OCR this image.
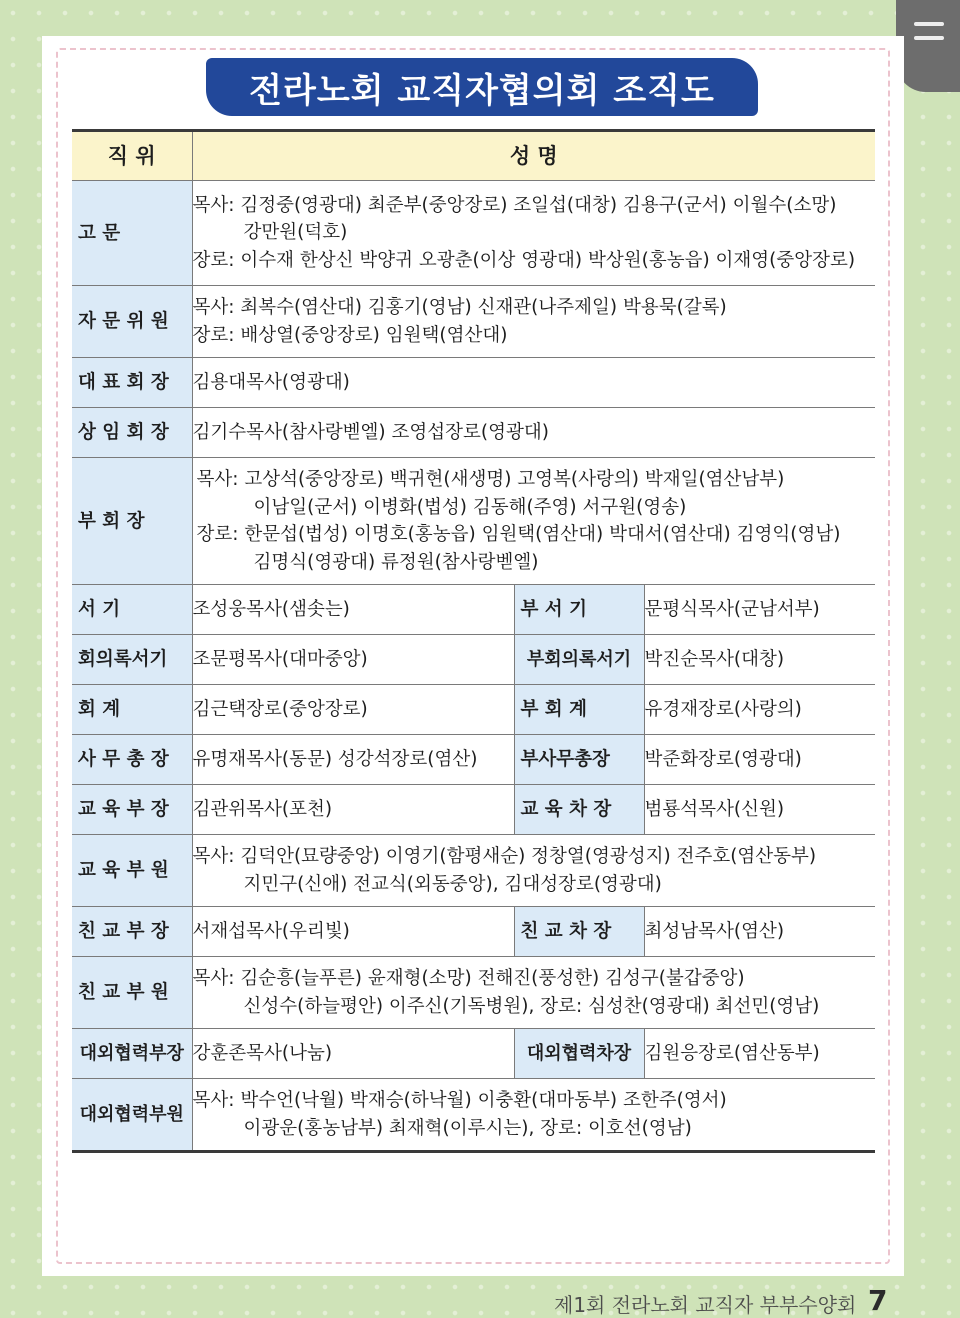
전라노회 교직자협의회 조직도
직 위	성 명		

고 문	목사: 김정중(영광대) 최준부(중앙장로) 조일섭(대창) 김용구(군서) 이월수(소망)
강만원(덕호)
장로: 이수재 한상신 박양귀 오광춘(이상 영광대) 박상원(홍농읍) 이재영(중앙장로)		

자 문 위 원	목사: 최복수(염산대) 김홍기(영남) 신재관(나주제일) 박용묵(갈록)
장로: 배상열(중앙장로) 임원택(염산대)		

대 표 회 장	김용대목사(영광대)		

상 임 회 장	김기수목사(참사랑벧엘) 조영섭장로(영광대)		

부 회 장	목사: 고상석(중앙장로) 백귀현(새생명) 고영복(사랑의) 박재일(염산남부)
이남일(군서) 이병화(법성) 김동해(주영) 서구원(영송)
장로: 한문섭(법성) 이명호(홍농읍) 임원택(염산대) 박대서(염산대) 김영익(영남)
김명식(영광대) 류정원(참사랑벧엘)		

서 기	조성웅목사(샘솟는)	부 서 기	문평식목사(군남서부)

회의록서기	조문평목사(대마중앙)	부회의록서기	박진순목사(대창)

회 계	김근택장로(중앙장로)	부 회 계	유경재장로(사랑의)

사 무 총 장	유명재목사(동문) 성강석장로(염산)	부사무총장	박준화장로(영광대)

교 육 부 장	김관위목사(포천)	교 육 차 장	범룡석목사(신원)

교 육 부 원	목사: 김덕안(묘량중앙) 이영기(함평새순) 정창열(영광성지) 전주호(염산동부)
지민구(신애) 전교식(외동중앙), 김대성장로(영광대)		

친 교 부 장	서재섭목사(우리빛)	친 교 차 장	최성남목사(염산)

친 교 부 원	목사: 김순흥(늘푸른) 윤재형(소망) 전해진(풍성한) 김성구(불갑중앙)
신성수(하늘평안) 이주신(기독병원), 장로: 심성찬(영광대) 최선민(영남)		

대외협력부장	강훈존목사(나눔)	대외협력차장	김원응장로(염산동부)

대외협력부원	목사: 박수언(낙월) 박재승(하낙월) 이충환(대마동부) 조한주(영서)
이광운(홍농남부) 최재혁(이루시는), 장로: 이호선(영남)		
제1회 전라노회 교직자 부부수양회 7
